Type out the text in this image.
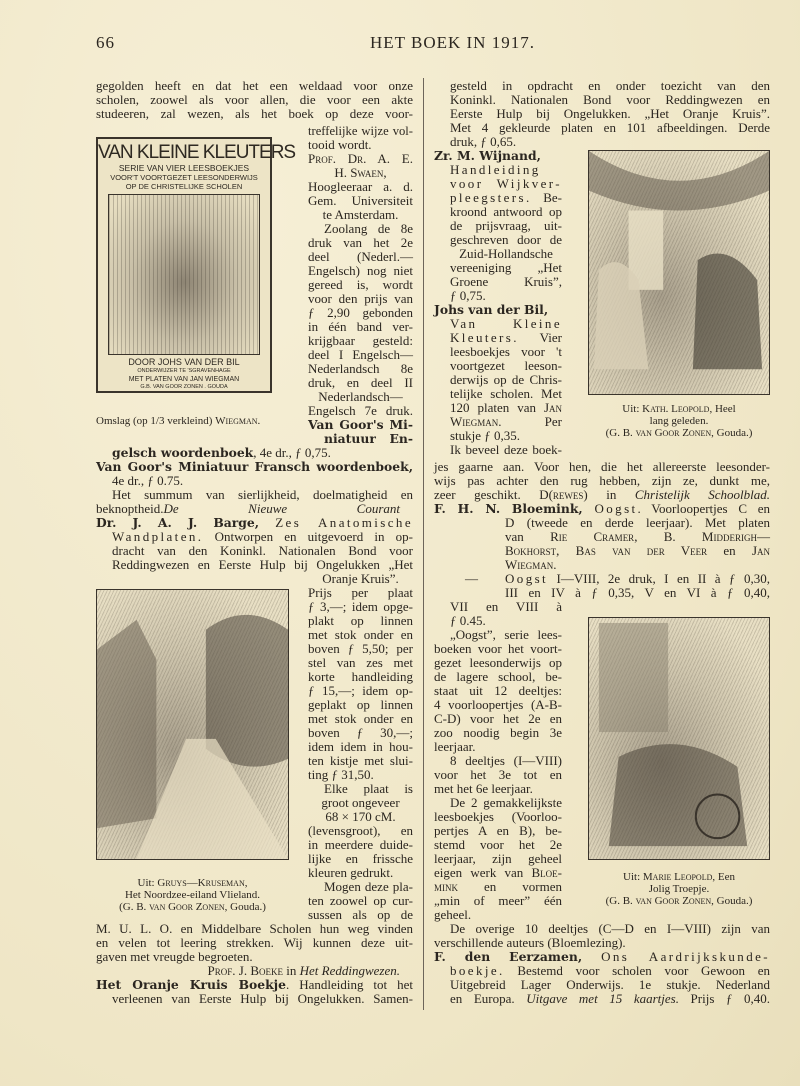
66	HET BOEK IN 1917.
VAN KLEINE KLEUTERS
SERIE VAN VIER LEESBOEKJES
VOOR'T VOORTGEZET LEESONDERWIJS
OP DE CHRISTELIJKE SCHOLEN
DOOR JOHS VAN DER BIL
ONDERWIJZER TE 'SGRAVENHAGE
MET PLATEN VAN JAN WIEGMAN
G.B. VAN GOOR ZONEN . GOUDA
gegolden heeft en dat het een weldaad voor onze
scholen, zoowel als voor allen, die voor een akte
studeeren, zal wezen, als het boek op deze voor-
treffelijke wijze vol-
tooid wordt.
Prof. Dr. A. E.
H. Swaen,
Hoogleeraar a. d.
Gem. Universiteit
te Amsterdam.
Zoolang de 8e
druk van het 2e
deel (Nederl.—
Engelsch) nog niet
gereed is, wordt
voor den prijs van
ƒ 2,90 gebonden
in één band ver-
krijgbaar gesteld:
deel I Engelsch—
Nederlandsch 8e
druk, en deel II
Nederlandsch—
Engelsch 7e druk.
Van Goor's Mi-
niatuur En-
Omslag (op 1/3 verkleind) Wiegman.
gelsch woordenboek, 4e dr., ƒ 0,75.
Van Goor's Miniatuur Fransch woordenboek,
4e dr., ƒ 0.75.
Het summum van sierlijkheid, doelmatigheid en
beknoptheid.De Nieuwe Courant
Dr. J. A. J. Barge, Zes Anatomische
Wandplaten. Ontworpen en uitgevoerd in op-
dracht van den Koninkl. Nationalen Bond voor
Reddingwezen en Eerste Hulp bij Ongelukken „Het
Oranje Kruis”.
Prijs per plaat
ƒ 3,—; idem opge-
plakt op linnen
met stok onder en
boven ƒ 5,50; per
stel van zes met
korte handleiding
ƒ 15,—; idem op-
geplakt op linnen
met stok onder en
boven ƒ 30,—;
idem idem in hou-
ten kistje met slui-
ting ƒ 31,50.
Elke plaat is
groot ongeveer
68 × 170 cM.
(levensgroot), en
in meerdere duide-
lijke en frissche
kleuren gedrukt.
Mogen deze pla-
ten zoowel op cur-
sussen als op de
Uit: Gruys—Kruseman,
Het Noordzee-eiland Vlieland.
(G. B. van Goor Zonen, Gouda.)
M. U. L. O. en Middelbare Scholen hun weg vinden
en velen tot leering strekken. Wij kunnen deze uit-
gaven met vreugde begroeten.
Prof. J. Boeke in Het Reddingwezen.
Het Oranje Kruis Boekje. Handleiding tot het
verleenen van Eerste Hulp bij Ongelukken. Samen-
gesteld in opdracht en onder toezicht van den
Koninkl. Nationalen Bond voor Reddingwezen en
Eerste Hulp bij Ongelukken. „Het Oranje Kruis”.
Met 4 gekleurde platen en 101 afbeeldingen. Derde
druk, ƒ 0,65.
Zr. M. Wijnand,
Handleiding
voor Wijkver-
pleegsters. Be-
kroond antwoord op
de prijsvraag, uit-
geschreven door de
Zuid-Hollandsche
vereeniging „Het
Groene Kruis”,
ƒ 0,75.
Johs van der Bil,
Van Kleine
Kleuters. Vier
leesboekjes voor 't
voortgezet leeson-
derwijs op de Chris-
telijke scholen. Met
120 platen van Jan
Wiegman. Per
stukje ƒ 0,35.
Ik beveel deze boek-
Uit: Kath. Leopold, Heel
lang geleden.
(G. B. van Goor Zonen, Gouda.)
jes gaarne aan. Voor hen, die het allereerste leesonder-
wijs pas achter den rug hebben, zijn ze, dunkt me,
zeer geschikt. D(rewes) in Christelijk Schoolblad.
F. H. N. Bloemink, Oogst. Voorloopertjes C en
D (tweede en derde leerjaar). Met platen
van Rie Cramer, B. Midderigh—
Bokhorst, Bas van der Veer en Jan
Wiegman.
— Oogst I—VIII, 2e druk, I en II à ƒ 0,30,
III en IV à ƒ 0,35, V en VI à ƒ 0,40,
VII en VIII à
ƒ 0.45.
„Oogst”, serie lees-
boeken voor het voort-
gezet leesonderwijs op
de lagere school, be-
staat uit 12 deeltjes:
4 voorloopertjes (A-B-
C-D) voor het 2e en
zoo noodig begin 3e
leerjaar.
8 deeltjes (I—VIII)
voor het 3e tot en
met het 6e leerjaar.
De 2 gemakkelijkste
leesboekjes (Voorloo-
pertjes A en B), be-
stemd voor het 2e
leerjaar, zijn geheel
eigen werk van Bloe-
mink en vormen
„min of meer” één
geheel.
Uit: Marie Leopold, Een
Jolig Troepje.
(G. B. van Goor Zonen, Gouda.)
De overige 10 deeltjes (C—D en I—VIII) zijn van
verschillende auteurs (Bloemlezing).
F. den Eerzamen, Ons Aardrijkskunde-
boekje. Bestemd voor scholen voor Gewoon en
Uitgebreid Lager Onderwijs. 1e stukje. Nederland
en Europa. Uitgave met 15 kaartjes. Prijs ƒ 0,40.
